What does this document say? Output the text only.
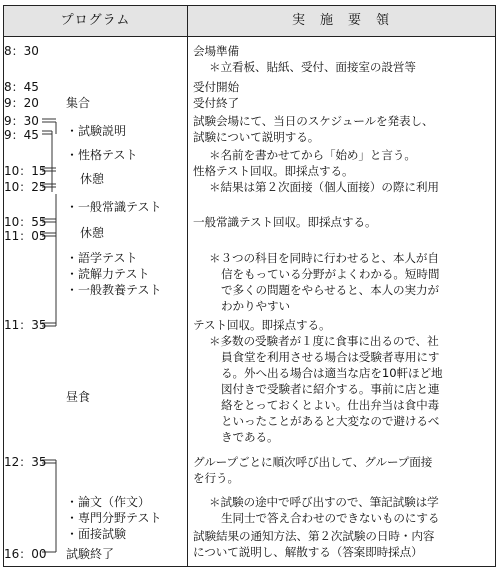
プログラム	実　施　要　領
8：30
8：45
9：20
9：30
9：45
10：15
10：25
10：55
11：05
11：35
12：35
16：00
集合
・試験説明
・性格テスト
休憩
・一般常識テスト
休憩
・語学テスト
・読解力テスト
・一般教養テスト
昼食
・論文（作文）
・専門分野テスト
・面接試験
試験終了
会場準備
＊立看板、貼紙、受付、面接室の設営等
受付開始
受付終了
試験会場にて、当日のスケジュールを発表し、
試験について説明する。
＊名前を書かせてから「始め」と言う。
性格テスト回収。即採点する。
＊結果は第２次面接（個人面接）の際に利用
一般常識テスト回収。即採点する。
＊３つの科目を同時に行わせると、本人が自
信をもっている分野がよくわかる。短時間
で多くの問題をやらせると、本人の実力が
わかりやすい
テスト回収。即採点する。
＊多数の受験者が１度に食事に出るので、社
員食堂を利用させる場合は受験者専用にす
る。外へ出る場合は適当な店を10軒ほど地
図付きで受験者に紹介する。事前に店と連
絡をとっておくとよい。仕出弁当は食中毒
といったことがあると大変なので避けるべ
きである。
グループごとに順次呼び出して、グループ面接
を行う。
＊試験の途中で呼び出すので、筆記試験は学
生同士で答え合わせのできないものにする
試験結果の通知方法、第２次試験の日時・内容
について説明し、解散する（答案即時採点）
